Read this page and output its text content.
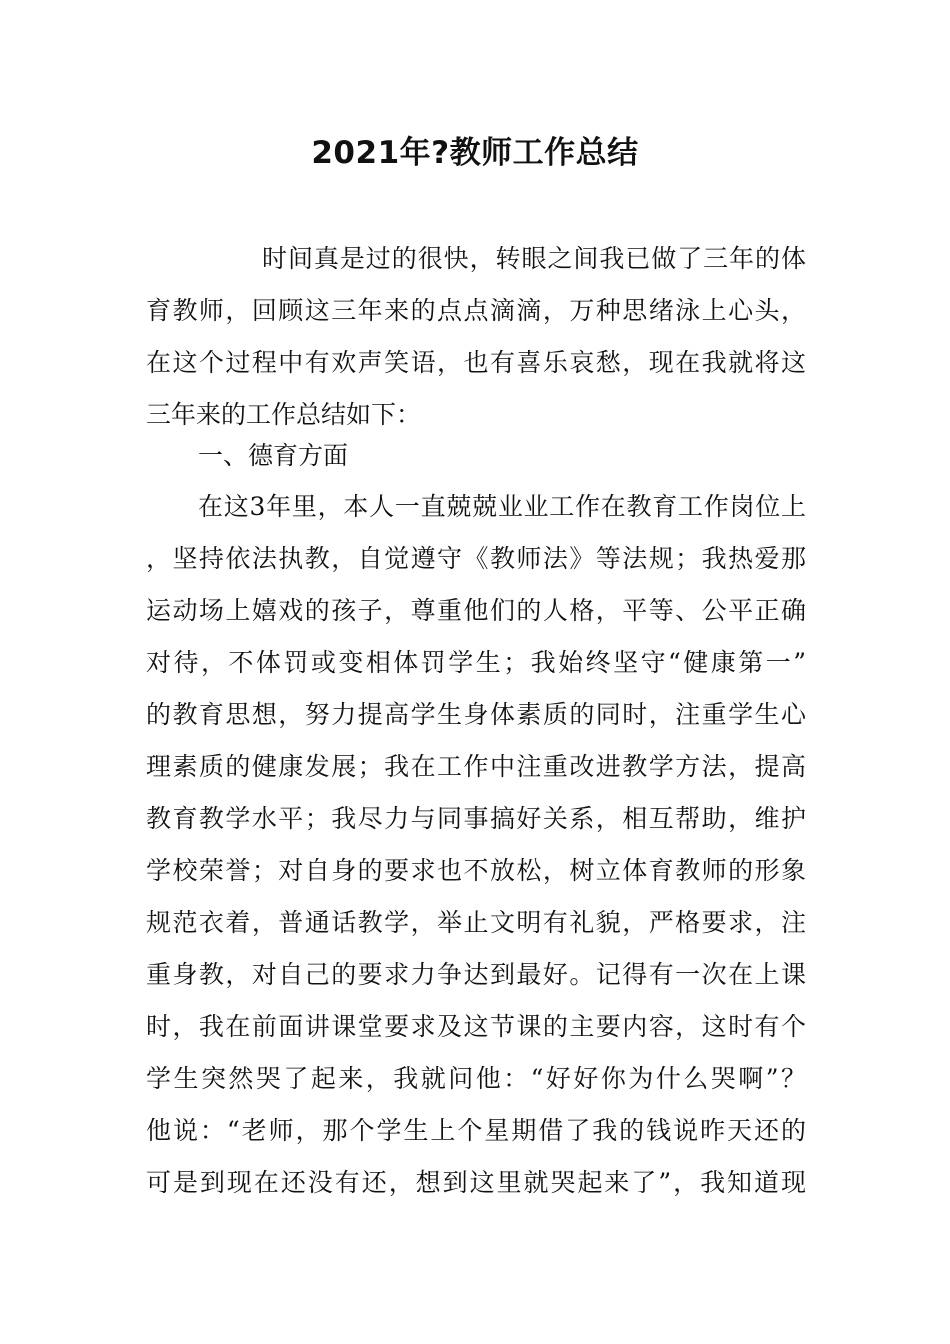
2021年?教师工作总结
时间真是过的很快，转眼之间我已做了三年的体
育教师，回顾这三年来的点点滴滴，万种思绪泳上心头，
在这个过程中有欢声笑语，也有喜乐哀愁，现在我就将这
三年来的工作总结如下：
一、德育方面
在这3年里，本人一直兢兢业业工作在教育工作岗位上
，坚持依法执教，自觉遵守《教师法》等法规；我热爱那
运动场上嬉戏的孩子，尊重他们的人格，平等、公平正确
对待，不体罚或变相体罚学生；我始终坚守“健康第一”
的教育思想，努力提高学生身体素质的同时，注重学生心
理素质的健康发展；我在工作中注重改进教学方法，提高
教育教学水平；我尽力与同事搞好关系，相互帮助，维护
学校荣誉；对自身的要求也不放松，树立体育教师的形象
规范衣着，普通话教学，举止文明有礼貌，严格要求，注
重身教，对自己的要求力争达到最好。记得有一次在上课
时，我在前面讲课堂要求及这节课的主要内容，这时有个
学生突然哭了起来，我就问他：“好好你为什么哭啊”？
他说：“老师，那个学生上个星期借了我的钱说昨天还的
可是到现在还没有还，想到这里就哭起来了”，我知道现
